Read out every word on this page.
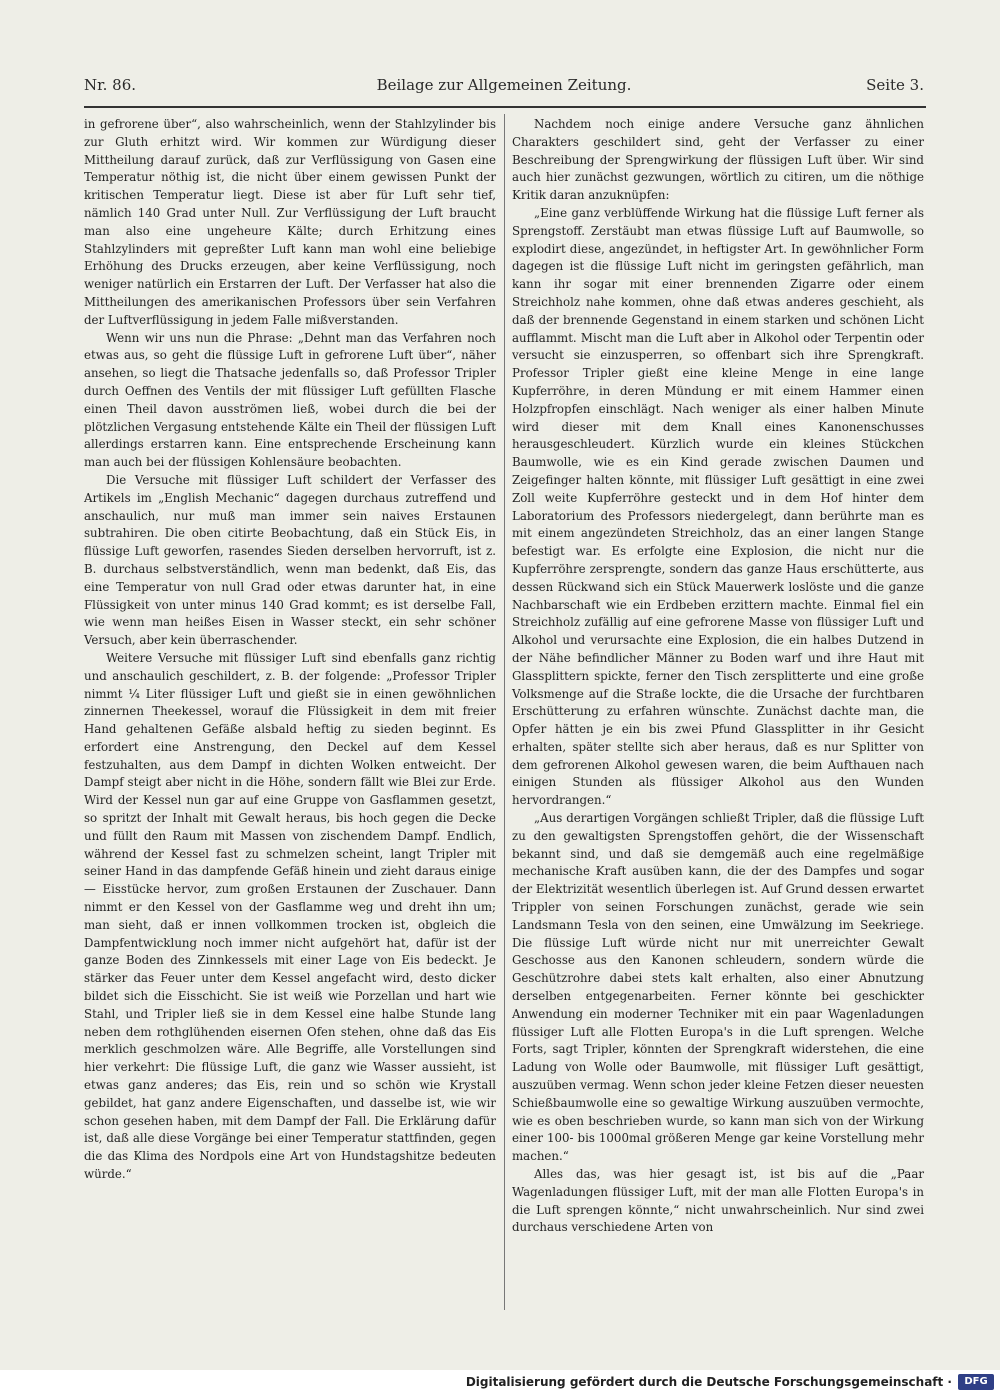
Nr. 86.	Beilage zur Allgemeinen Zeitung.	Seite 3.

in gefrorene über“, also wahrscheinlich, wenn der Stahlzylinder bis zur Gluth erhitzt wird. Wir kommen zur Würdigung dieser Mittheilung darauf zurück, daß zur Verflüssigung von Gasen eine Temperatur nöthig ist, die nicht über einem gewissen Punkt der kritischen Temperatur liegt. Diese ist aber für Luft sehr tief, nämlich 140 Grad unter Null. Zur Verflüssigung der Luft braucht man also eine ungeheure Kälte; durch Erhitzung eines Stahlzylinders mit gepreßter Luft kann man wohl eine beliebige Erhöhung des Drucks erzeugen, aber keine Verflüssigung, noch weniger natürlich ein Erstarren der Luft. Der Verfasser hat also die Mittheilungen des amerikanischen Professors über sein Verfahren der Luftverflüssigung in jedem Falle mißverstanden.

Wenn wir uns nun die Phrase: „Dehnt man das Verfahren noch etwas aus, so geht die flüssige Luft in gefrorene Luft über“, näher ansehen, so liegt die Thatsache jedenfalls so, daß Professor Tripler durch Oeffnen des Ventils der mit flüssiger Luft gefüllten Flasche einen Theil davon ausströmen ließ, wobei durch die bei der plötzlichen Vergasung entstehende Kälte ein Theil der flüssigen Luft allerdings erstarren kann. Eine entsprechende Erscheinung kann man auch bei der flüssigen Kohlensäure beobachten.

Die Versuche mit flüssiger Luft schildert der Verfasser des Artikels im „English Mechanic“ dagegen durchaus zutreffend und anschaulich, nur muß man immer sein naives Erstaunen subtrahiren. Die oben citirte Beobachtung, daß ein Stück Eis, in flüssige Luft geworfen, rasendes Sieden derselben hervorruft, ist z. B. durchaus selbstverständlich, wenn man bedenkt, daß Eis, das eine Temperatur von null Grad oder etwas darunter hat, in eine Flüssigkeit von unter minus 140 Grad kommt; es ist derselbe Fall, wie wenn man heißes Eisen in Wasser steckt, ein sehr schöner Versuch, aber kein überraschender.

Weitere Versuche mit flüssiger Luft sind ebenfalls ganz richtig und anschaulich geschildert, z. B. der folgende: „Professor Tripler nimmt ¼ Liter flüssiger Luft und gießt sie in einen gewöhnlichen zinnernen Theekessel, worauf die Flüssigkeit in dem mit freier Hand gehaltenen Gefäße alsbald heftig zu sieden beginnt. Es erfordert eine Anstrengung, den Deckel auf dem Kessel festzuhalten, aus dem Dampf in dichten Wolken entweicht. Der Dampf steigt aber nicht in die Höhe, sondern fällt wie Blei zur Erde. Wird der Kessel nun gar auf eine Gruppe von Gasflammen gesetzt, so spritzt der Inhalt mit Gewalt heraus, bis hoch gegen die Decke und füllt den Raum mit Massen von zischendem Dampf. Endlich, während der Kessel fast zu schmelzen scheint, langt Tripler mit seiner Hand in das dampfende Gefäß hinein und zieht daraus einige — Eisstücke hervor, zum großen Erstaunen der Zuschauer. Dann nimmt er den Kessel von der Gasflamme weg und dreht ihn um; man sieht, daß er innen vollkommen trocken ist, obgleich die Dampfentwicklung noch immer nicht aufgehört hat, dafür ist der ganze Boden des Zinnkessels mit einer Lage von Eis bedeckt. Je stärker das Feuer unter dem Kessel angefacht wird, desto dicker bildet sich die Eisschicht. Sie ist weiß wie Porzellan und hart wie Stahl, und Tripler ließ sie in dem Kessel eine halbe Stunde lang neben dem rothglühenden eisernen Ofen stehen, ohne daß das Eis merklich geschmolzen wäre. Alle Begriffe, alle Vorstellungen sind hier verkehrt: Die flüssige Luft, die ganz wie Wasser aussieht, ist etwas ganz anderes; das Eis, rein und so schön wie Krystall gebildet, hat ganz andere Eigenschaften, und dasselbe ist, wie wir schon gesehen haben, mit dem Dampf der Fall. Die Erklärung dafür ist, daß alle diese Vorgänge bei einer Temperatur stattfinden, gegen die das Klima des Nordpols eine Art von Hundstagshitze bedeuten würde.“

Nachdem noch einige andere Versuche ganz ähnlichen Charakters geschildert sind, geht der Verfasser zu einer Beschreibung der Sprengwirkung der flüssigen Luft über. Wir sind auch hier zunächst gezwungen, wörtlich zu citiren, um die nöthige Kritik daran anzuknüpfen:

„Eine ganz verblüffende Wirkung hat die flüssige Luft ferner als Sprengstoff. Zerstäubt man etwas flüssige Luft auf Baumwolle, so explodirt diese, angezündet, in heftigster Art. In gewöhnlicher Form dagegen ist die flüssige Luft nicht im geringsten gefährlich, man kann ihr sogar mit einer brennenden Zigarre oder einem Streichholz nahe kommen, ohne daß etwas anderes geschieht, als daß der brennende Gegenstand in einem starken und schönen Licht aufflammt. Mischt man die Luft aber in Alkohol oder Terpentin oder versucht sie einzusperren, so offenbart sich ihre Sprengkraft. Professor Tripler gießt eine kleine Menge in eine lange Kupferröhre, in deren Mündung er mit einem Hammer einen Holzpfropfen einschlägt. Nach weniger als einer halben Minute wird dieser mit dem Knall eines Kanonenschusses herausgeschleudert. Kürzlich wurde ein kleines Stückchen Baumwolle, wie es ein Kind gerade zwischen Daumen und Zeigefinger halten könnte, mit flüssiger Luft gesättigt in eine zwei Zoll weite Kupferröhre gesteckt und in dem Hof hinter dem Laboratorium des Professors niedergelegt, dann berührte man es mit einem angezündeten Streichholz, das an einer langen Stange befestigt war. Es erfolgte eine Explosion, die nicht nur die Kupferröhre zersprengte, sondern das ganze Haus erschütterte, aus dessen Rückwand sich ein Stück Mauerwerk loslöste und die ganze Nachbarschaft wie ein Erdbeben erzittern machte. Einmal fiel ein Streichholz zufällig auf eine gefrorene Masse von flüssiger Luft und Alkohol und verursachte eine Explosion, die ein halbes Dutzend in der Nähe befindlicher Männer zu Boden warf und ihre Haut mit Glassplittern spickte, ferner den Tisch zersplitterte und eine große Volksmenge auf die Straße lockte, die die Ursache der furchtbaren Erschütterung zu erfahren wünschte. Zunächst dachte man, die Opfer hätten je ein bis zwei Pfund Glassplitter in ihr Gesicht erhalten, später stellte sich aber heraus, daß es nur Splitter von dem gefrorenen Alkohol gewesen waren, die beim Aufthauen nach einigen Stunden als flüssiger Alkohol aus den Wunden hervordrangen.“

„Aus derartigen Vorgängen schließt Tripler, daß die flüssige Luft zu den gewaltigsten Sprengstoffen gehört, die der Wissenschaft bekannt sind, und daß sie demgemäß auch eine regelmäßige mechanische Kraft ausüben kann, die der des Dampfes und sogar der Elektrizität wesentlich überlegen ist. Auf Grund dessen erwartet Trippler von seinen Forschungen zunächst, gerade wie sein Landsmann Tesla von den seinen, eine Umwälzung im Seekriege. Die flüssige Luft würde nicht nur mit unerreichter Gewalt Geschosse aus den Kanonen schleudern, sondern würde die Geschützrohre dabei stets kalt erhalten, also einer Abnutzung derselben entgegenarbeiten. Ferner könnte bei geschickter Anwendung ein moderner Techniker mit ein paar Wagenladungen flüssiger Luft alle Flotten Europa's in die Luft sprengen. Welche Forts, sagt Tripler, könnten der Sprengkraft widerstehen, die eine Ladung von Wolle oder Baumwolle, mit flüssiger Luft gesättigt, auszuüben vermag. Wenn schon jeder kleine Fetzen dieser neuesten Schießbaumwolle eine so gewaltige Wirkung auszuüben vermochte, wie es oben beschrieben wurde, so kann man sich von der Wirkung einer 100- bis 1000mal größeren Menge gar keine Vorstellung mehr machen.“

Alles das, was hier gesagt ist, ist bis auf die „Paar Wagenladungen flüssiger Luft, mit der man alle Flotten Europa's in die Luft sprengen könnte,“ nicht unwahrscheinlich. Nur sind zwei durchaus verschiedene Arten von

Digitalisierung gefördert durch die Deutsche Forschungsgemeinschaft ·	DFG
